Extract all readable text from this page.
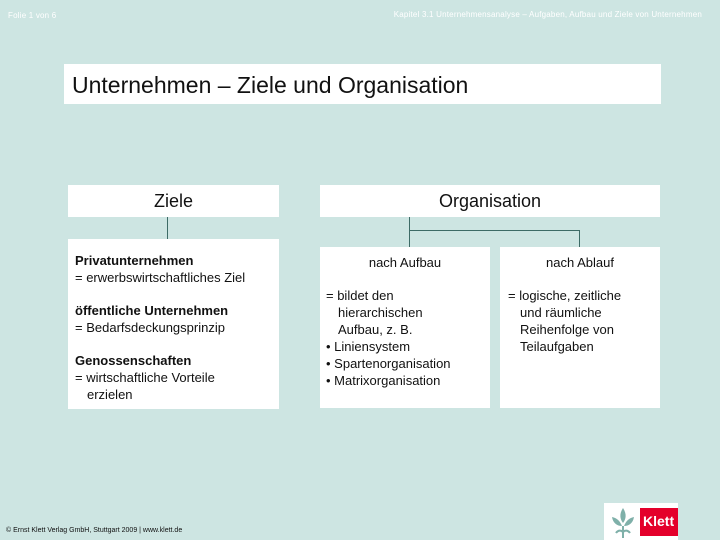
Folie 1 von 6	Kapitel 3.1 Unternehmensanalyse – Aufgaben, Aufbau und Ziele von Unternehmen
Unternehmen – Ziele und Organisation
Ziele
Privatunternehmen
= erwerbswirtschaftliches Ziel
öffentliche Unternehmen
= Bedarfsdeckungsprinzip
Genossenschaften
= wirtschaftliche Vorteile
erzielen
Organisation
nach Aufbau
= bildet den
hierarchischen
Aufbau, z. B.
• Liniensystem
• Spartenorganisation
• Matrixorganisation
nach Ablauf
= logische, zeitliche
und räumliche
Reihenfolge von
Teilaufgaben
© Ernst Klett Verlag GmbH, Stuttgart 2009 | www.klett.de
Klett
